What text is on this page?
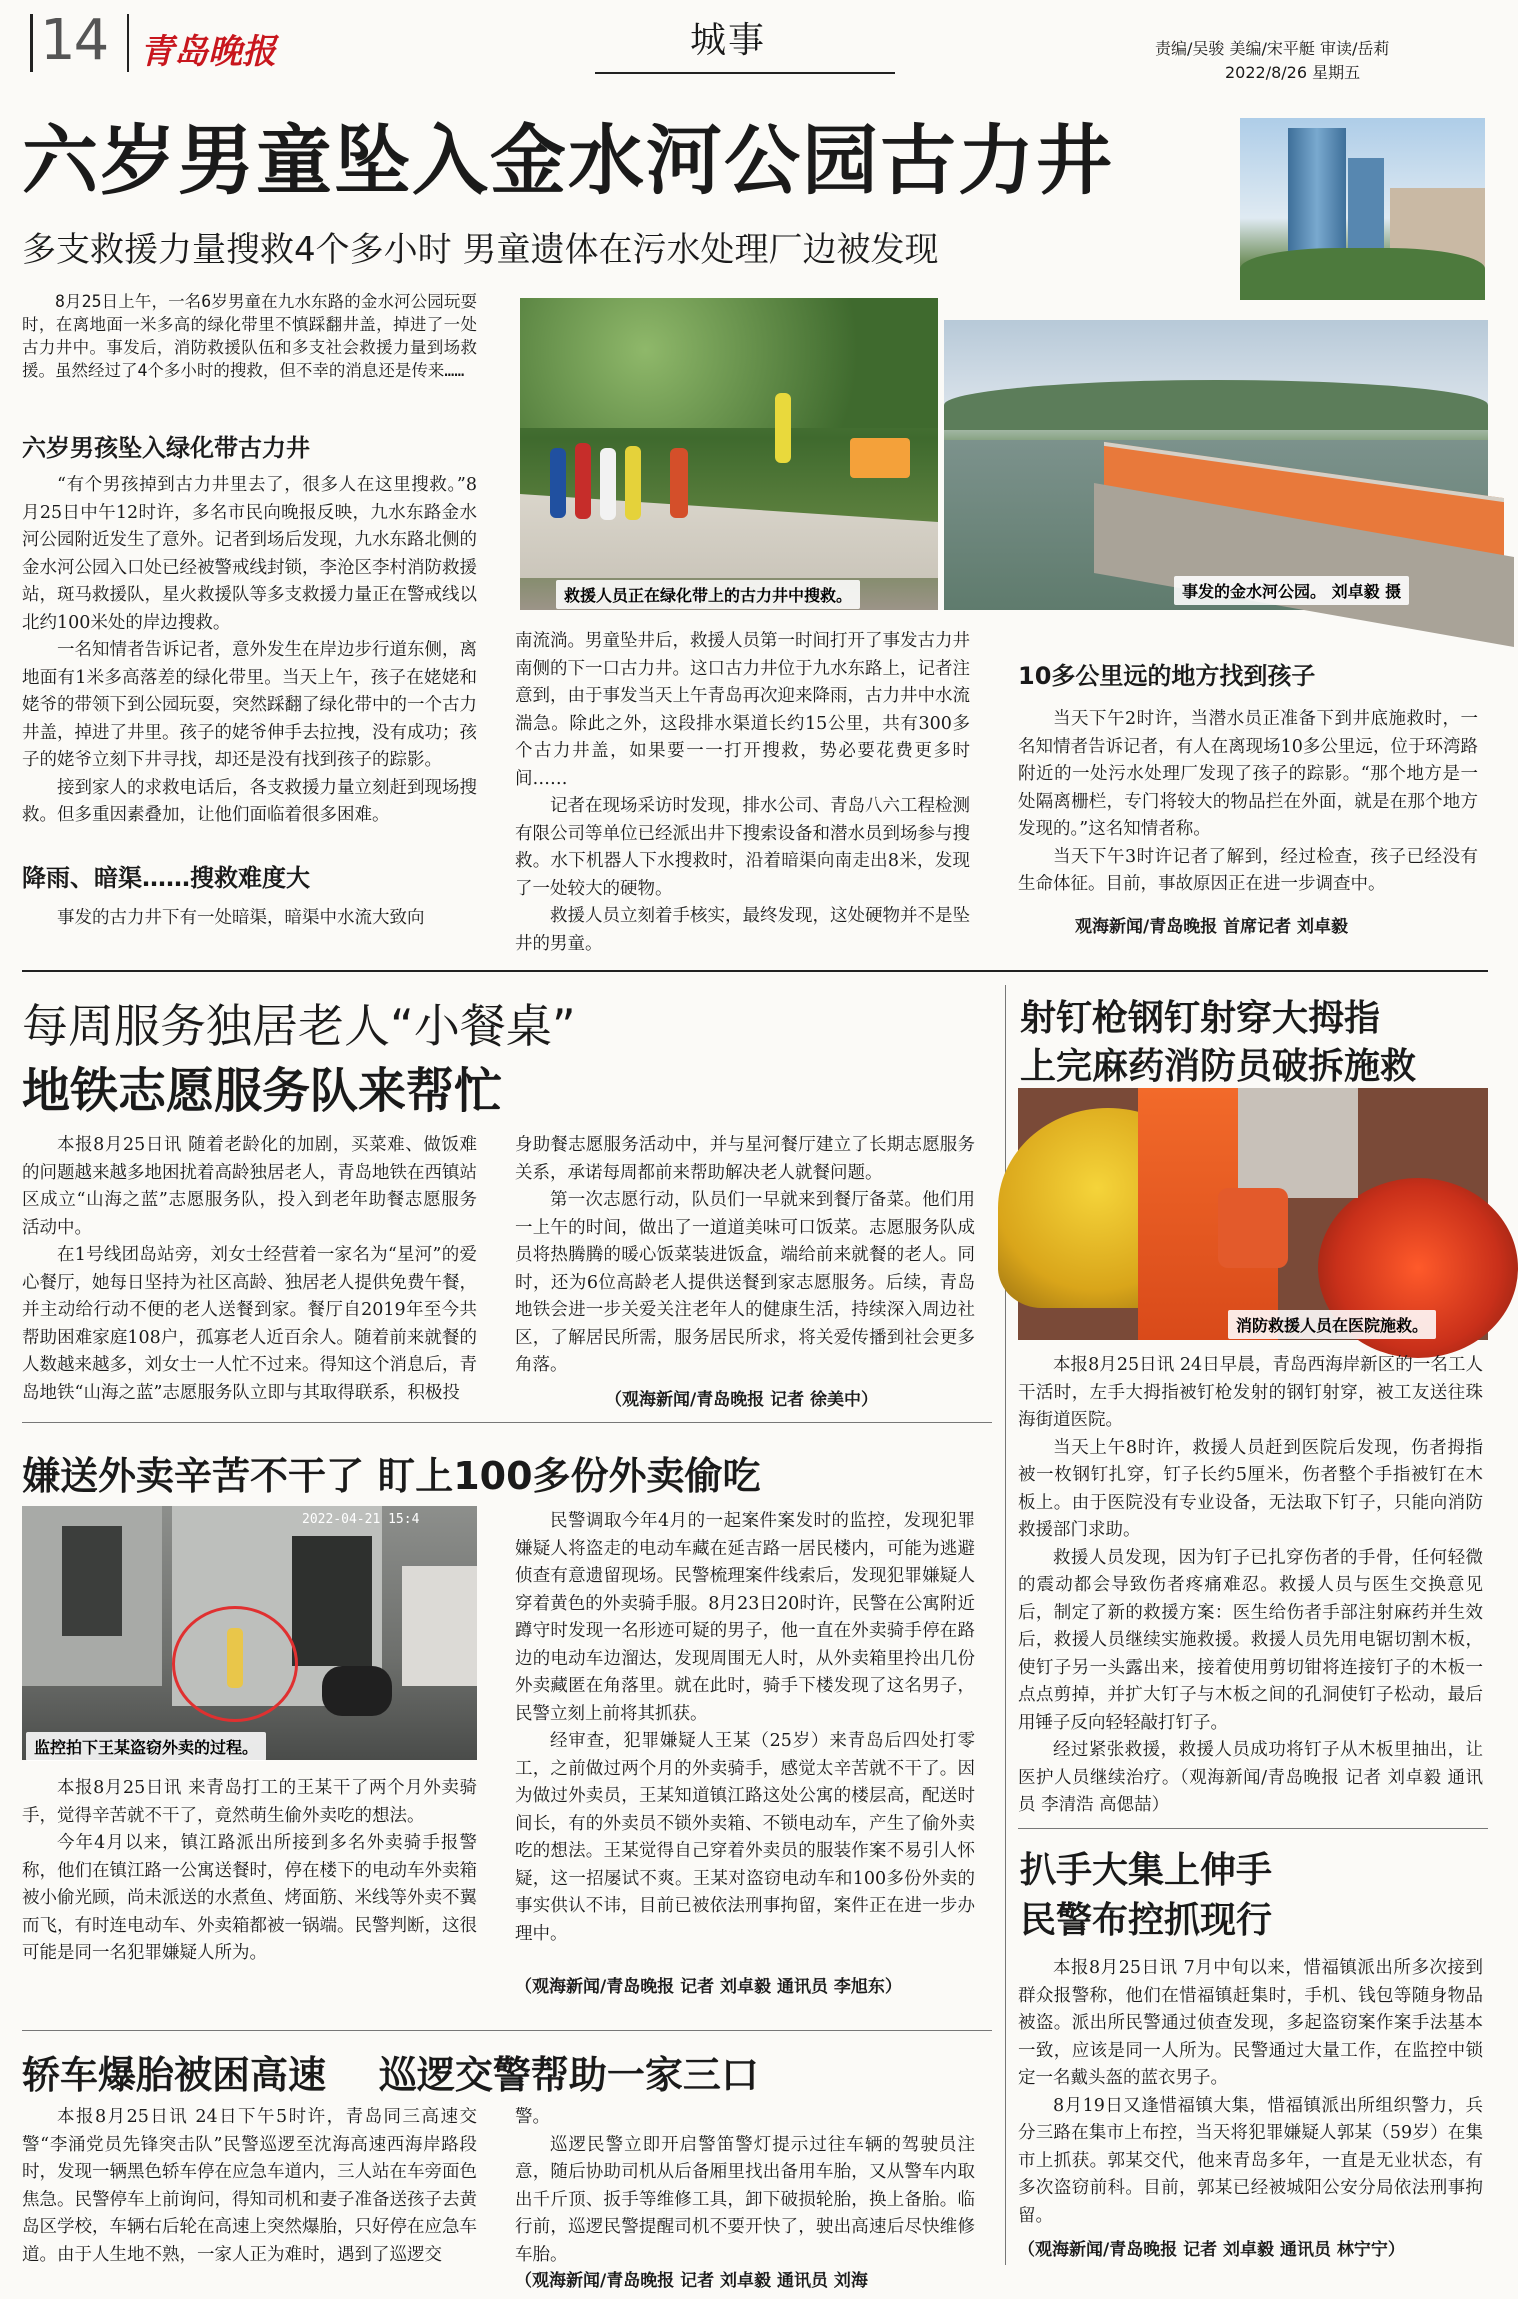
14 青岛晚报	城事	责编/吴骏 美编/宋平艇 审读/岳莉
2022/8/26 星期五
六岁男童坠入金水河公园古力井
多支救援力量搜救4个多小时 男童遗体在污水处理厂边被发现

8月25日上午，一名6岁男童在九水东路的金水河公园玩耍时，在离地面一米多高的绿化带里不慎踩翻井盖，掉进了一处古力井中。事发后，消防救援队伍和多支社会救援力量到场救援。虽然经过了4个多小时的搜救，但不幸的消息还是传来……

六岁男孩坠入绿化带古力井

“有个男孩掉到古力井里去了，很多人在这里搜救。”8月25日中午12时许，多名市民向晚报反映，九水东路金水河公园附近发生了意外。记者到场后发现，九水东路北侧的金水河公园入口处已经被警戒线封锁，李沧区李村消防救援站，斑马救援队，星火救援队等多支救援力量正在警戒线以北约100米处的岸边搜救。

一名知情者告诉记者，意外发生在岸边步行道东侧，离地面有1米多高落差的绿化带里。当天上午，孩子在姥姥和姥爷的带领下到公园玩耍，突然踩翻了绿化带中的一个古力井盖，掉进了井里。孩子的姥爷伸手去拉拽，没有成功；孩子的姥爷立刻下井寻找，却还是没有找到孩子的踪影。

接到家人的求救电话后，各支救援力量立刻赶到现场搜救。但多重因素叠加，让他们面临着很多困难。

降雨、暗渠……搜救难度大

事发的古力井下有一处暗渠，暗渠中水流大致向

救援人员正在绿化带上的古力井中搜救。	事发的金水河公园。 刘卓毅 摄

南流淌。男童坠井后，救援人员第一时间打开了事发古力井南侧的下一口古力井。这口古力井位于九水东路上，记者注意到，由于事发当天上午青岛再次迎来降雨，古力井中水流湍急。除此之外，这段排水渠道长约15公里，共有300多个古力井盖，如果要一一打开搜救，势必要花费更多时间……

记者在现场采访时发现，排水公司、青岛八六工程检测有限公司等单位已经派出井下搜索设备和潜水员到场参与搜救。水下机器人下水搜救时，沿着暗渠向南走出8米，发现了一处较大的硬物。

救援人员立刻着手核实，最终发现，这处硬物并不是坠井的男童。

10多公里远的地方找到孩子

当天下午2时许，当潜水员正准备下到井底施救时，一名知情者告诉记者，有人在离现场10多公里远，位于环湾路附近的一处污水处理厂发现了孩子的踪影。“那个地方是一处隔离栅栏，专门将较大的物品拦在外面，就是在那个地方发现的。”这名知情者称。

当天下午3时许记者了解到，经过检查，孩子已经没有生命体征。目前，事故原因正在进一步调查中。

观海新闻/青岛晚报 首席记者 刘卓毅
每周服务独居老人“小餐桌”
地铁志愿服务队来帮忙

本报8月25日讯 随着老龄化的加剧，买菜难、做饭难的问题越来越多地困扰着高龄独居老人，青岛地铁在西镇站区成立“山海之蓝”志愿服务队，投入到老年助餐志愿服务活动中。

在1号线团岛站旁，刘女士经营着一家名为“星河”的爱心餐厅，她每日坚持为社区高龄、独居老人提供免费午餐，并主动给行动不便的老人送餐到家。餐厅自2019年至今共帮助困难家庭108户，孤寡老人近百余人。随着前来就餐的人数越来越多，刘女士一人忙不过来。得知这个消息后，青岛地铁“山海之蓝”志愿服务队立即与其取得联系，积极投

身助餐志愿服务活动中，并与星河餐厅建立了长期志愿服务关系，承诺每周都前来帮助解决老人就餐问题。

第一次志愿行动，队员们一早就来到餐厅备菜。他们用一上午的时间，做出了一道道美味可口饭菜。志愿服务队成员将热腾腾的暖心饭菜装进饭盒，端给前来就餐的老人。同时，还为6位高龄老人提供送餐到家志愿服务。后续，青岛地铁会进一步关爱关注老年人的健康生活，持续深入周边社区，了解居民所需，服务居民所求，将关爱传播到社会更多角落。

（观海新闻/青岛晚报 记者 徐美中）
射钉枪钢钉射穿大拇指
上完麻药消防员破拆施救
消防救援人员在医院施救。

本报8月25日讯 24日早晨，青岛西海岸新区的一名工人干活时，左手大拇指被钉枪发射的钢钉射穿，被工友送往珠海街道医院。

当天上午8时许，救援人员赶到医院后发现，伤者拇指被一枚钢钉扎穿，钉子长约5厘米，伤者整个手指被钉在木板上。由于医院没有专业设备，无法取下钉子，只能向消防救援部门求助。

救援人员发现，因为钉子已扎穿伤者的手骨，任何轻微的震动都会导致伤者疼痛难忍。救援人员与医生交换意见后，制定了新的救援方案：医生给伤者手部注射麻药并生效后，救援人员继续实施救援。救援人员先用电锯切割木板，使钉子另一头露出来，接着使用剪切钳将连接钉子的木板一点点剪掉，并扩大钉子与木板之间的孔洞使钉子松动，最后用锤子反向轻轻敲打钉子。

经过紧张救援，救援人员成功将钉子从木板里抽出，让医护人员继续治疗。（观海新闻/青岛晚报 记者 刘卓毅 通讯员 李清浩 高偲喆）

嫌送外卖辛苦不干了 盯上100多份外卖偷吃
2022-04-21 15:4
监控拍下王某盗窃外卖的过程。

本报8月25日讯 来青岛打工的王某干了两个月外卖骑手，觉得辛苦就不干了，竟然萌生偷外卖吃的想法。

今年4月以来，镇江路派出所接到多名外卖骑手报警称，他们在镇江路一公寓送餐时，停在楼下的电动车外卖箱被小偷光顾，尚未派送的水煮鱼、烤面筋、米线等外卖不翼而飞，有时连电动车、外卖箱都被一锅端。民警判断，这很可能是同一名犯罪嫌疑人所为。

民警调取今年4月的一起案件案发时的监控，发现犯罪嫌疑人将盗走的电动车藏在延吉路一居民楼内，可能为逃避侦查有意遗留现场。民警梳理案件线索后，发现犯罪嫌疑人穿着黄色的外卖骑手服。8月23日20时许，民警在公寓附近蹲守时发现一名形迹可疑的男子，他一直在外卖骑手停在路边的电动车边溜达，发现周围无人时，从外卖箱里拎出几份外卖藏匿在角落里。就在此时，骑手下楼发现了这名男子，民警立刻上前将其抓获。

经审查，犯罪嫌疑人王某（25岁）来青岛后四处打零工，之前做过两个月的外卖骑手，感觉太辛苦就不干了。因为做过外卖员，王某知道镇江路这处公寓的楼层高，配送时间长，有的外卖员不锁外卖箱、不锁电动车，产生了偷外卖吃的想法。王某觉得自己穿着外卖员的服装作案不易引人怀疑，这一招屡试不爽。王某对盗窃电动车和100多份外卖的事实供认不讳，目前已被依法刑事拘留，案件正在进一步办理中。

（观海新闻/青岛晚报 记者 刘卓毅 通讯员 李旭东）
扒手大集上伸手
民警布控抓现行

本报8月25日讯 7月中旬以来，惜福镇派出所多次接到群众报警称，他们在惜福镇赶集时，手机、钱包等随身物品被盗。派出所民警通过侦查发现，多起盗窃案作案手法基本一致，应该是同一人所为。民警通过大量工作，在监控中锁定一名戴头盔的蓝衣男子。

8月19日又逢惜福镇大集，惜福镇派出所组织警力，兵分三路在集市上布控，当天将犯罪嫌疑人郭某（59岁）在集市上抓获。郭某交代，他来青岛多年，一直是无业状态，有多次盗窃前科。目前，郭某已经被城阳公安分局依法刑事拘留。

（观海新闻/青岛晚报 记者 刘卓毅 通讯员 林宁宁）
轿车爆胎被困高速    巡逻交警帮助一家三口

本报8月25日讯 24日下午5时许，青岛同三高速交警“李涌党员先锋突击队”民警巡逻至沈海高速西海岸路段时，发现一辆黑色轿车停在应急车道内，三人站在车旁面色焦急。民警停车上前询问，得知司机和妻子准备送孩子去黄岛区学校，车辆右后轮在高速上突然爆胎，只好停在应急车道。由于人生地不熟，一家人正为难时，遇到了巡逻交

警。

巡逻民警立即开启警笛警灯提示过往车辆的驾驶员注意，随后协助司机从后备厢里找出备用车胎，又从警车内取出千斤顶、扳手等维修工具，卸下破损轮胎，换上备胎。临行前，巡逻民警提醒司机不要开快了，驶出高速后尽快维修车胎。

（观海新闻/青岛晚报 记者 刘卓毅 通讯员 刘海
